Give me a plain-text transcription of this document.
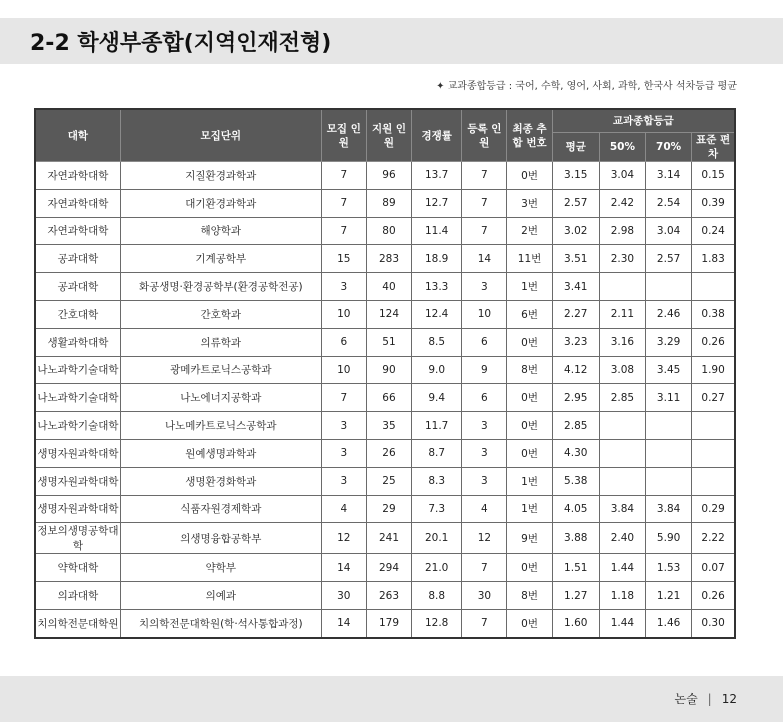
2-2 학생부종합(지역인재전형)
✦ 교과종합등급 : 국어, 수학, 영어, 사회, 과학, 한국사 석차등급 평균
대학	모집단위	모집 인원	지원 인원	경쟁률	등록 인원	최종 추합 번호	교과종합등급			
							평균	50%	70%	표준 편차
자연과학대학	지질환경과학과	7	96	13.7	7	0번	3.15	3.04	3.14	0.15
자연과학대학	대기환경과학과	7	89	12.7	7	3번	2.57	2.42	2.54	0.39
자연과학대학	해양학과	7	80	11.4	7	2번	3.02	2.98	3.04	0.24
공과대학	기계공학부	15	283	18.9	14	11번	3.51	2.30	2.57	1.83
공과대학	화공생명·환경공학부(환경공학전공)	3	40	13.3	3	1번	3.41			
간호대학	간호학과	10	124	12.4	10	6번	2.27	2.11	2.46	0.38
생활과학대학	의류학과	6	51	8.5	6	0번	3.23	3.16	3.29	0.26
나노과학기술대학	광메카트로닉스공학과	10	90	9.0	9	8번	4.12	3.08	3.45	1.90
나노과학기술대학	나노에너지공학과	7	66	9.4	6	0번	2.95	2.85	3.11	0.27
나노과학기술대학	나노메카트로닉스공학과	3	35	11.7	3	0번	2.85			
생명자원과학대학	원예생명과학과	3	26	8.7	3	0번	4.30			
생명자원과학대학	생명환경화학과	3	25	8.3	3	1번	5.38			
생명자원과학대학	식품자원경제학과	4	29	7.3	4	1번	4.05	3.84	3.84	0.29
정보의생명공학대학	의생명융합공학부	12	241	20.1	12	9번	3.88	2.40	5.90	2.22
약학대학	약학부	14	294	21.0	7	0번	1.51	1.44	1.53	0.07
의과대학	의예과	30	263	8.8	30	8번	1.27	1.18	1.21	0.26
치의학전문대학원	치의학전문대학원(학·석사통합과정)	14	179	12.8	7	0번	1.60	1.44	1.46	0.30
논술 | 12
